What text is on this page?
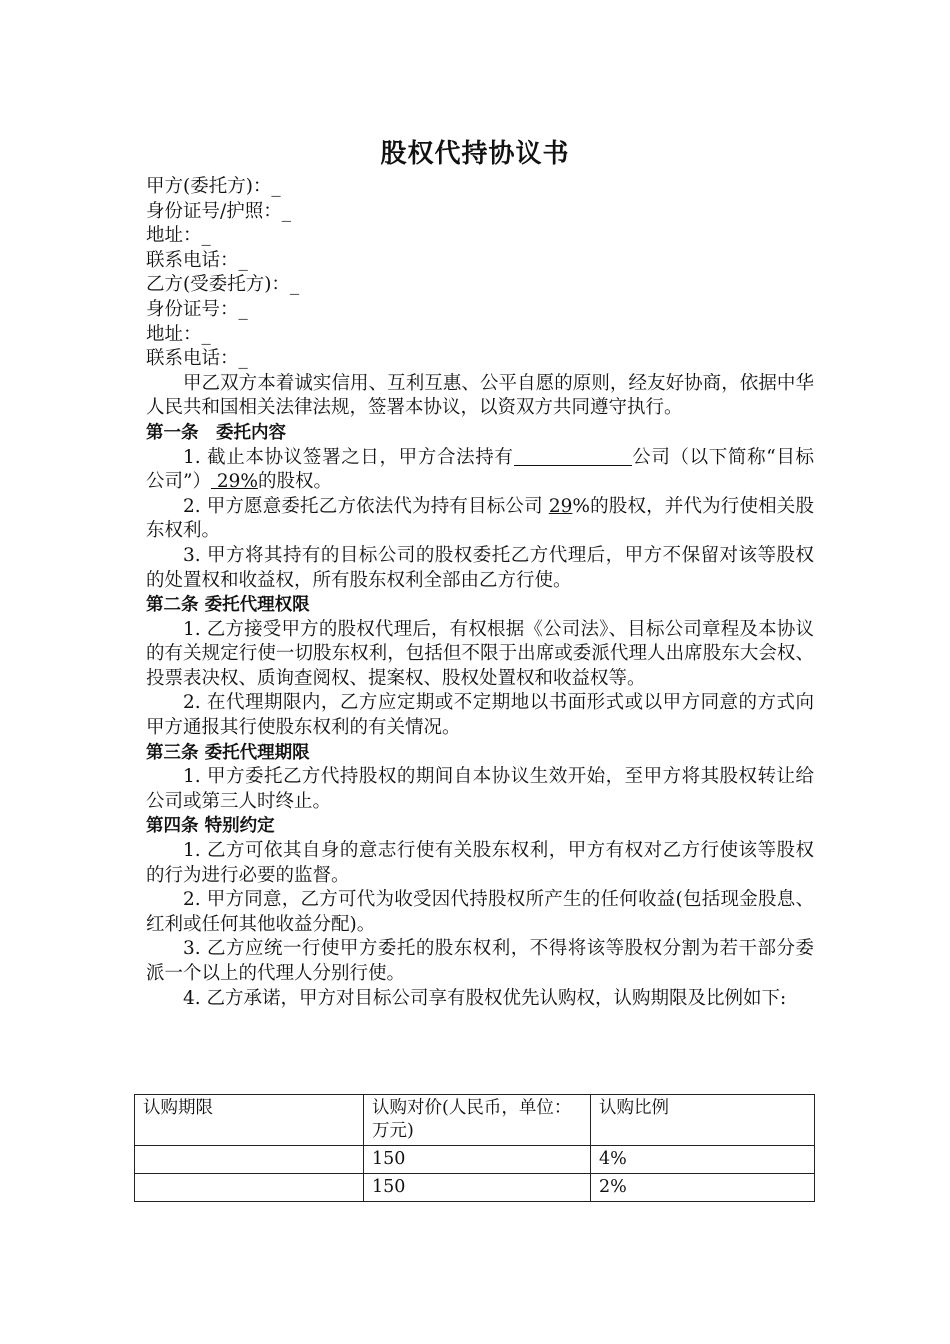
股权代持协议书
甲方(委托方)：_
身份证号/护照：_
地址：_
联系电话：_
乙方(受委托方)：_
身份证号：_
地址：_
联系电话：_
甲乙双方本着诚实信用、互利互惠、公平自愿的原则，经友好协商，依据中华人民共和国相关法律法规，签署本协议，以资双方共同遵守执行。
第一条　委托内容
1. 截止本协议签署之日，甲方合法持有	公司（以下简称“目标公司”） 29%的股权。
2. 甲方愿意委托乙方依法代为持有目标公司 29%的股权，并代为行使相关股东权利。
3. 甲方将其持有的目标公司的股权委托乙方代理后，甲方不保留对该等股权的处置权和收益权，所有股东权利全部由乙方行使。
第二条 委托代理权限
1. 乙方接受甲方的股权代理后，有权根据《公司法》、目标公司章程及本协议的有关规定行使一切股东权利，包括但不限于出席或委派代理人出席股东大会权、投票表决权、质询查阅权、提案权、股权处置权和收益权等。
2. 在代理期限内，乙方应定期或不定期地以书面形式或以甲方同意的方式向甲方通报其行使股东权利的有关情况。
第三条 委托代理期限
1. 甲方委托乙方代持股权的期间自本协议生效开始，至甲方将其股权转让给公司或第三人时终止。
第四条 特别约定
1. 乙方可依其自身的意志行使有关股东权利，甲方有权对乙方行使该等股权的行为进行必要的监督。
2. 甲方同意，乙方可代为收受因代持股权所产生的任何收益(包括现金股息、红利或任何其他收益分配)。
3. 乙方应统一行使甲方委托的股东权利，不得将该等股权分割为若干部分委派一个以上的代理人分别行使。
4. 乙方承诺，甲方对目标公司享有股权优先认购权，认购期限及比例如下:
认购期限	认购对价(人民币，单位：万元)	认购比例
	150	4%
	150	2%
